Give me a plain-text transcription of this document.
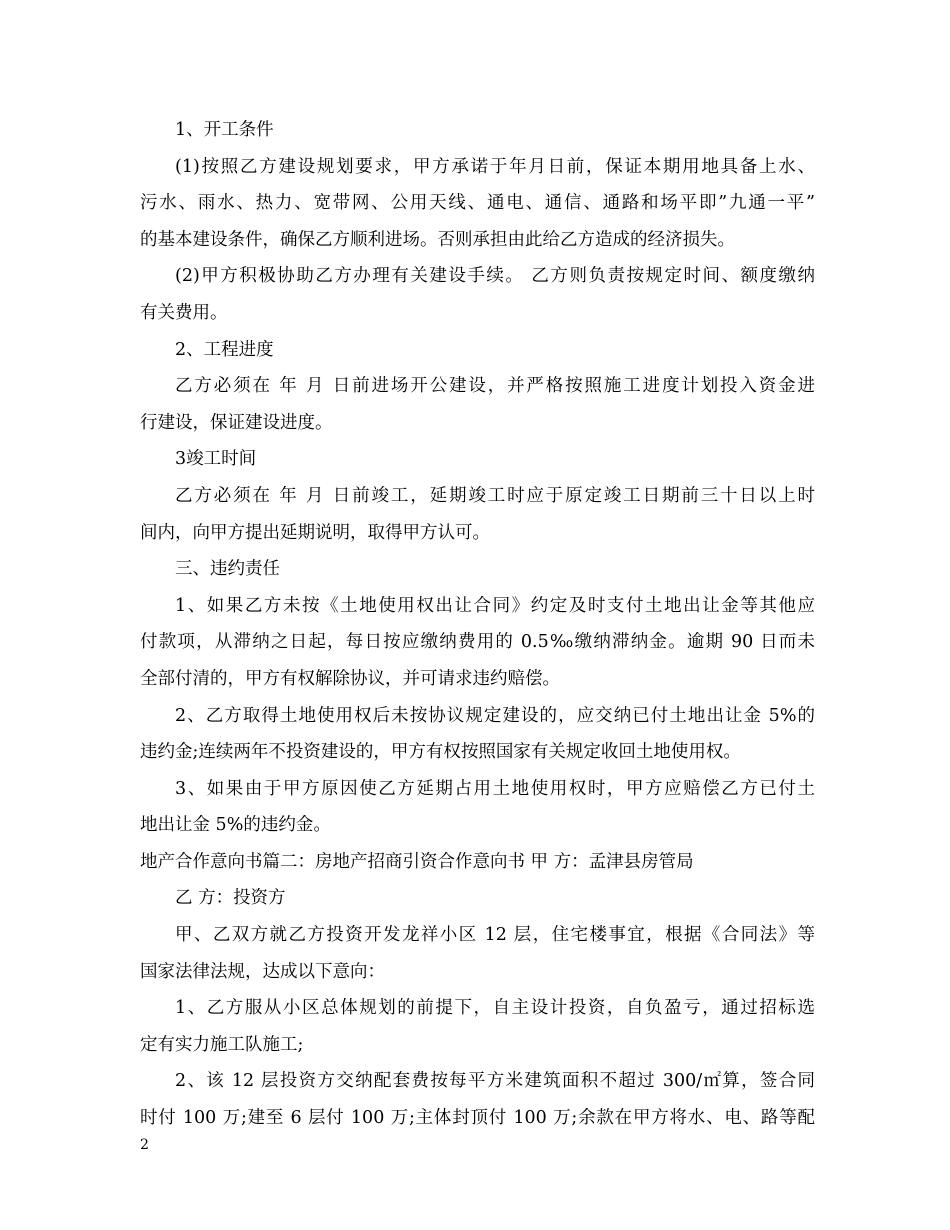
1、开工条件
(1)按照乙方建设规划要求，甲方承诺于年月日前，保证本期用地具备上水、
污水、雨水、热力、宽带网、公用天线、通电、通信、通路和场平即”九通一平”
的基本建设条件，确保乙方顺利进场。否则承担由此给乙方造成的经济损失。
(2)甲方积极协助乙方办理有关建设手续。 乙方则负责按规定时间、额度缴纳
有关费用。
2、工程进度
乙方必须在 年 月 日前进场开公建设，并严格按照施工进度计划投入资金进
行建设，保证建设进度。
3竣工时间
乙方必须在 年 月 日前竣工，延期竣工时应于原定竣工日期前三十日以上时
间内，向甲方提出延期说明，取得甲方认可。
三、违约责任
1、如果乙方未按《土地使用权出让合同》约定及时支付土地出让金等其他应
付款项，从滞纳之日起，每日按应缴纳费用的 0.5‰缴纳滞纳金。逾期 90 日而未
全部付清的，甲方有权解除协议，并可请求违约赔偿。
2、乙方取得土地使用权后未按协议规定建设的，应交纳已付土地出让金 5%的
违约金;连续两年不投资建设的，甲方有权按照国家有关规定收回土地使用权。
3、如果由于甲方原因使乙方延期占用土地使用权时，甲方应赔偿乙方已付土
地出让金 5%的违约金。
地产合作意向书篇二：房地产招商引资合作意向书 甲 方：孟津县房管局
乙 方：投资方
甲、乙双方就乙方投资开发龙祥小区 12 层，住宅楼事宜，根据《合同法》等
国家法律法规，达成以下意向：
1、乙方服从小区总体规划的前提下，自主设计投资，自负盈亏，通过招标选
定有实力施工队施工;
2、该 12 层投资方交纳配套费按每平方米建筑面积不超过 300/㎡算，签合同
时付 100 万;建至 6 层付 100 万;主体封顶付 100 万;余款在甲方将水、电、路等配
2
